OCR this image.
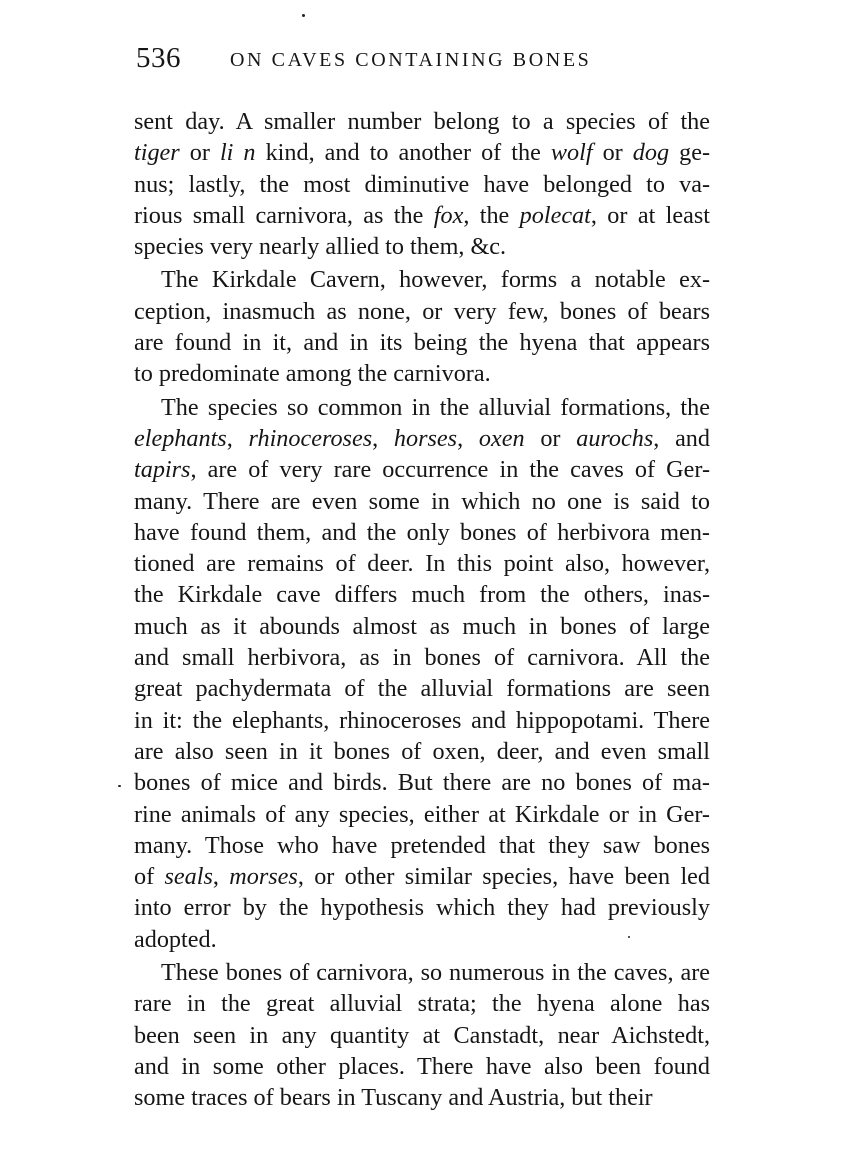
536 ON CAVES CONTAINING BONES
sent day. A smaller number belong to a species of the
tiger or li n kind, and to another of the wolf or dog ge-
nus; lastly, the most diminutive have belonged to va-
rious small carnivora, as the fox, the polecat, or at least
species very nearly allied to them, &c.
The Kirkdale Cavern, however, forms a notable ex-
ception, inasmuch as none, or very few, bones of bears
are found in it, and in its being the hyena that appears
to predominate among the carnivora.
The species so common in the alluvial formations, the
elephants, rhinoceroses, horses, oxen or aurochs, and
tapirs, are of very rare occurrence in the caves of Ger-
many. There are even some in which no one is said to
have found them, and the only bones of herbivora men-
tioned are remains of deer. In this point also, however,
the Kirkdale cave differs much from the others, inas-
much as it abounds almost as much in bones of large
and small herbivora, as in bones of carnivora. All the
great pachydermata of the alluvial formations are seen
in it: the elephants, rhinoceroses and hippopotami. There
are also seen in it bones of oxen, deer, and even small
bones of mice and birds. But there are no bones of ma-
rine animals of any species, either at Kirkdale or in Ger-
many. Those who have pretended that they saw bones
of seals, morses, or other similar species, have been led
into error by the hypothesis which they had previously
adopted.
These bones of carnivora, so numerous in the caves, are
rare in the great alluvial strata; the hyena alone has
been seen in any quantity at Canstadt, near Aichstedt,
and in some other places. There have also been found
some traces of bears in Tuscany and Austria, but their
